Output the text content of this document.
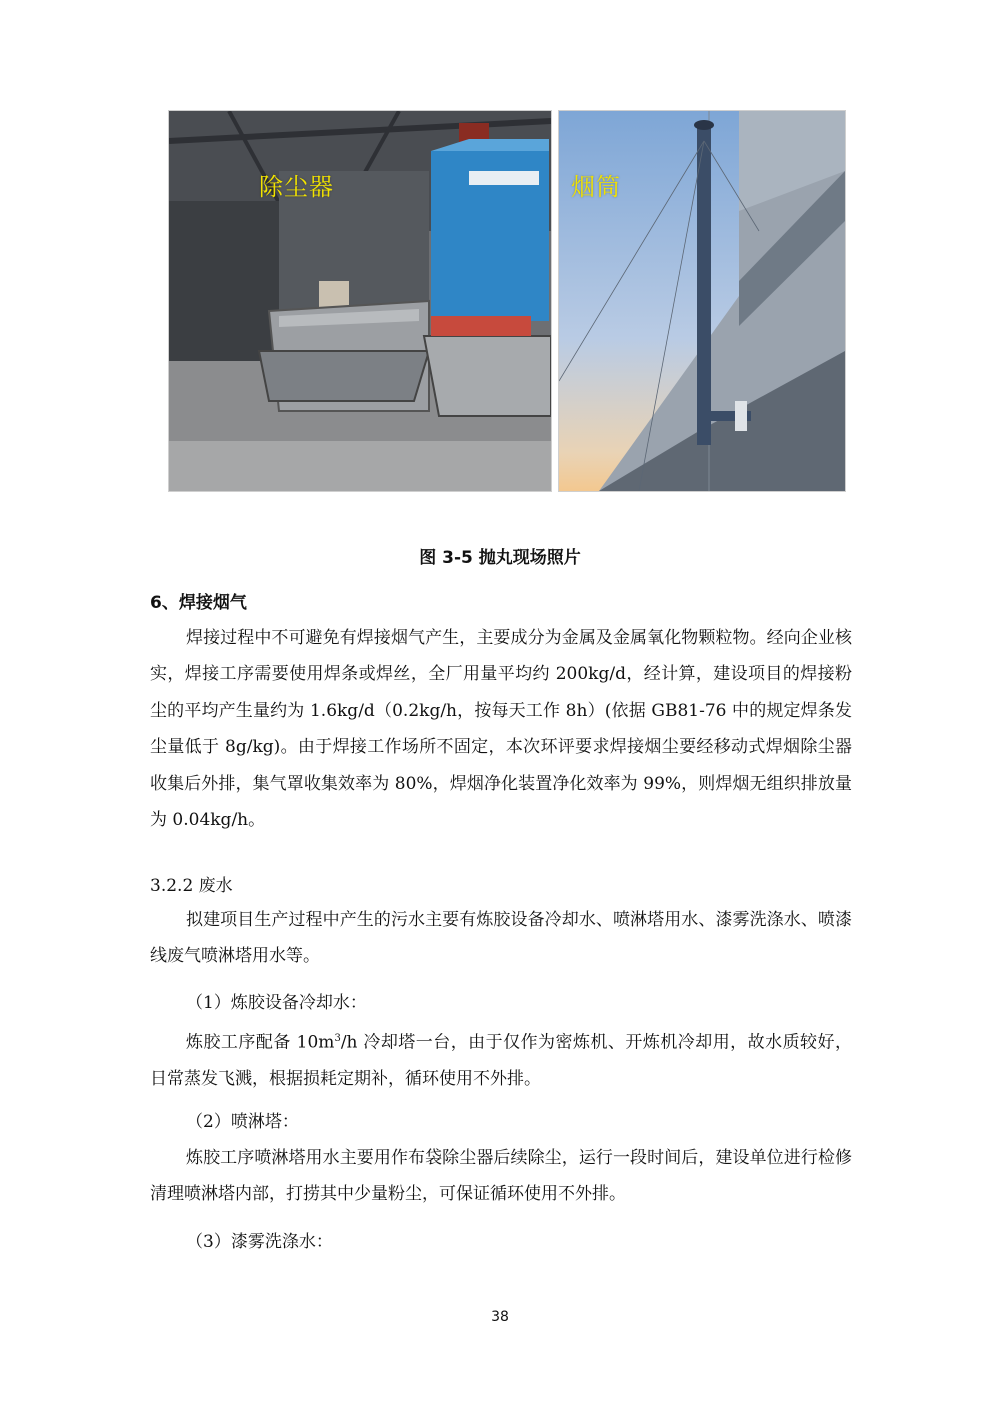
除尘器	烟筒
图 3-5 抛丸现场照片
6、焊接烟气

焊接过程中不可避免有焊接烟气产生，主要成分为金属及金属氧化物颗粒物。经向企业核实，焊接工序需要使用焊条或焊丝，全厂用量平均约 200kg/d，经计算，建设项目的焊接粉尘的平均产生量约为 1.6kg/d（0.2kg/h，按每天工作 8h）(依据 GB81-76 中的规定焊条发尘量低于 8g/kg)。由于焊接工作场所不固定，本次环评要求焊接烟尘要经移动式焊烟除尘器收集后外排，集气罩收集效率为 80%，焊烟净化装置净化效率为 99%，则焊烟无组织排放量为 0.04kg/h。

3.2.2 废水

拟建项目生产过程中产生的污水主要有炼胶设备冷却水、喷淋塔用水、漆雾洗涤水、喷漆线废气喷淋塔用水等。

（1）炼胶设备冷却水：

炼胶工序配备 $10m^3/h$ 冷却塔一台，由于仅作为密炼机、开炼机冷却用，故水质较好，日常蒸发飞溅，根据损耗定期补，循环使用不外排。

（2）喷淋塔：

炼胶工序喷淋塔用水主要用作布袋除尘器后续除尘，运行一段时间后，建设单位进行检修清理喷淋塔内部，打捞其中少量粉尘，可保证循环使用不外排。

（3）漆雾洗涤水：
38
